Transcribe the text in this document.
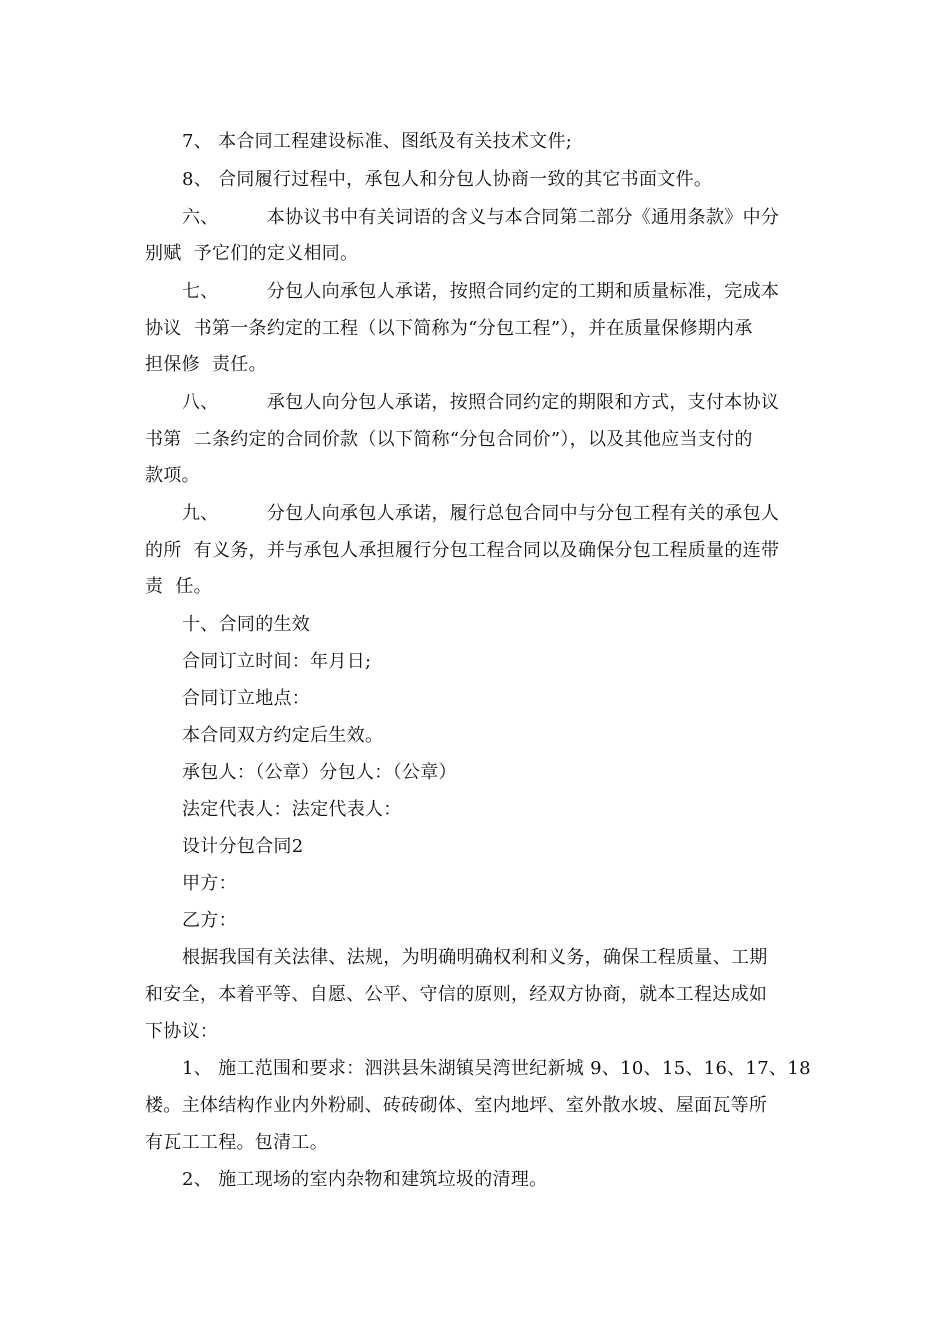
7、 本合同工程建设标准、图纸及有关技术文件;
8、 合同履行过程中，承包人和分包人协商一致的其它书面文件。
六、        本协议书中有关词语的含义与本合同第二部分《通用条款》中分
别赋  予它们的定义相同。
七、        分包人向承包人承诺，按照合同约定的工期和质量标准，完成本
协议  书第一条约定的工程（以下简称为“分包工程”），并在质量保修期内承
担保修  责任。
八、        承包人向分包人承诺，按照合同约定的期限和方式，支付本协议
书第  二条约定的合同价款（以下简称“分包合同价”），以及其他应当支付的
款项。
九、        分包人向承包人承诺，履行总包合同中与分包工程有关的承包人
的所  有义务，并与承包人承担履行分包工程合同以及确保分包工程质量的连带
责  任。
十、合同的生效
合同订立时间：年月日;
合同订立地点：
本合同双方约定后生效。
承包人：（公章）分包人：（公章）
法定代表人：法定代表人：
设计分包合同2
甲方：
乙方：
根据我国有关法律、法规，为明确明确权利和义务，确保工程质量、工期
和安全，本着平等、自愿、公平、守信的原则，经双方协商，就本工程达成如
下协议：
1、 施工范围和要求：泗洪县朱湖镇吴湾世纪新城 9、10、15、16、17、18
楼。主体结构作业内外粉刷、砖砖砌体、室内地坪、室外散水坡、屋面瓦等所
有瓦工工程。包清工。
2、 施工现场的室内杂物和建筑垃圾的清理。
